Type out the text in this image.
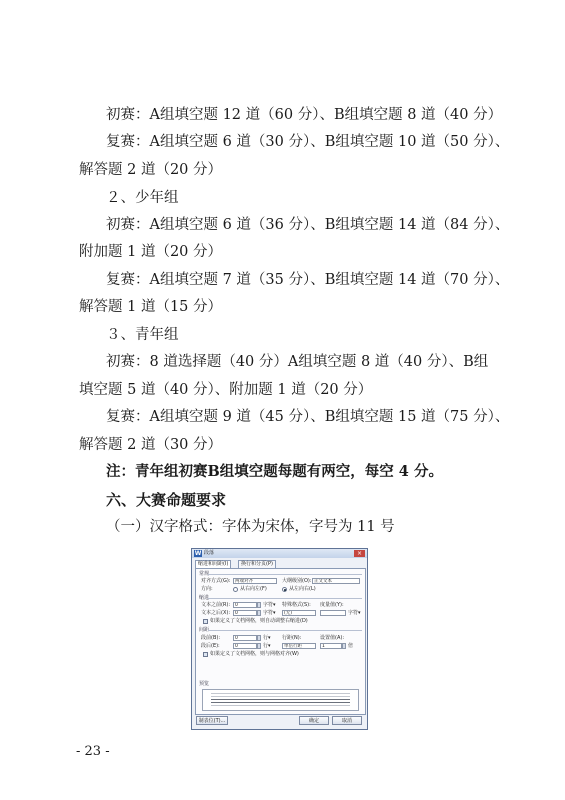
初赛：A组填空题 12 道（60 分）、B组填空题 8 道（40 分）
复赛：A组填空题 6 道（30 分）、B组填空题 10 道（50 分）、
解答题 2 道（20 分）
２、少年组
初赛：A组填空题 6 道（36 分）、B组填空题 14 道（84 分）、
附加题 1 道（20 分）
复赛：A组填空题 7 道（35 分）、B组填空题 14 道（70 分）、
解答题 1 道（15 分）
３、青年组
初赛：8 道选择题（40 分）A组填空题 8 道（40 分）、B组
填空题 5 道（40 分）、附加题 1 道（20 分）
复赛：A组填空题 9 道（45 分）、B组填空题 15 道（75 分）、
解答题 2 道（30 分）
注：青年组初赛B组填空题每题有两空，每空 4 分。
六、大赛命题要求
（一）汉字格式：字体为宋体，字号为 11 号
W 段落	×
缩进和间距(I)	换行和分页(P)
常规
对齐方式(G):	两端对齐	大纲级别(O): 正文文本
方向:	从右向左(F)	从左向右(L)
缩进
文本之前(R):	0	字符▾ 特殊格式(S): 度量值(Y):
文本之后(X):	0	字符▾	(无)	字符▾
如果定义了文档网格，则自动调整右缩进(D)
间距
段前(B):	0	行▾ 行距(N):	设置值(A):
段后(E):	0	行▾	单倍行距	1	倍
如果定义了文档网格，则与网格对齐(W)
预览
制表位(T)...	确定	取消
- 23 -
